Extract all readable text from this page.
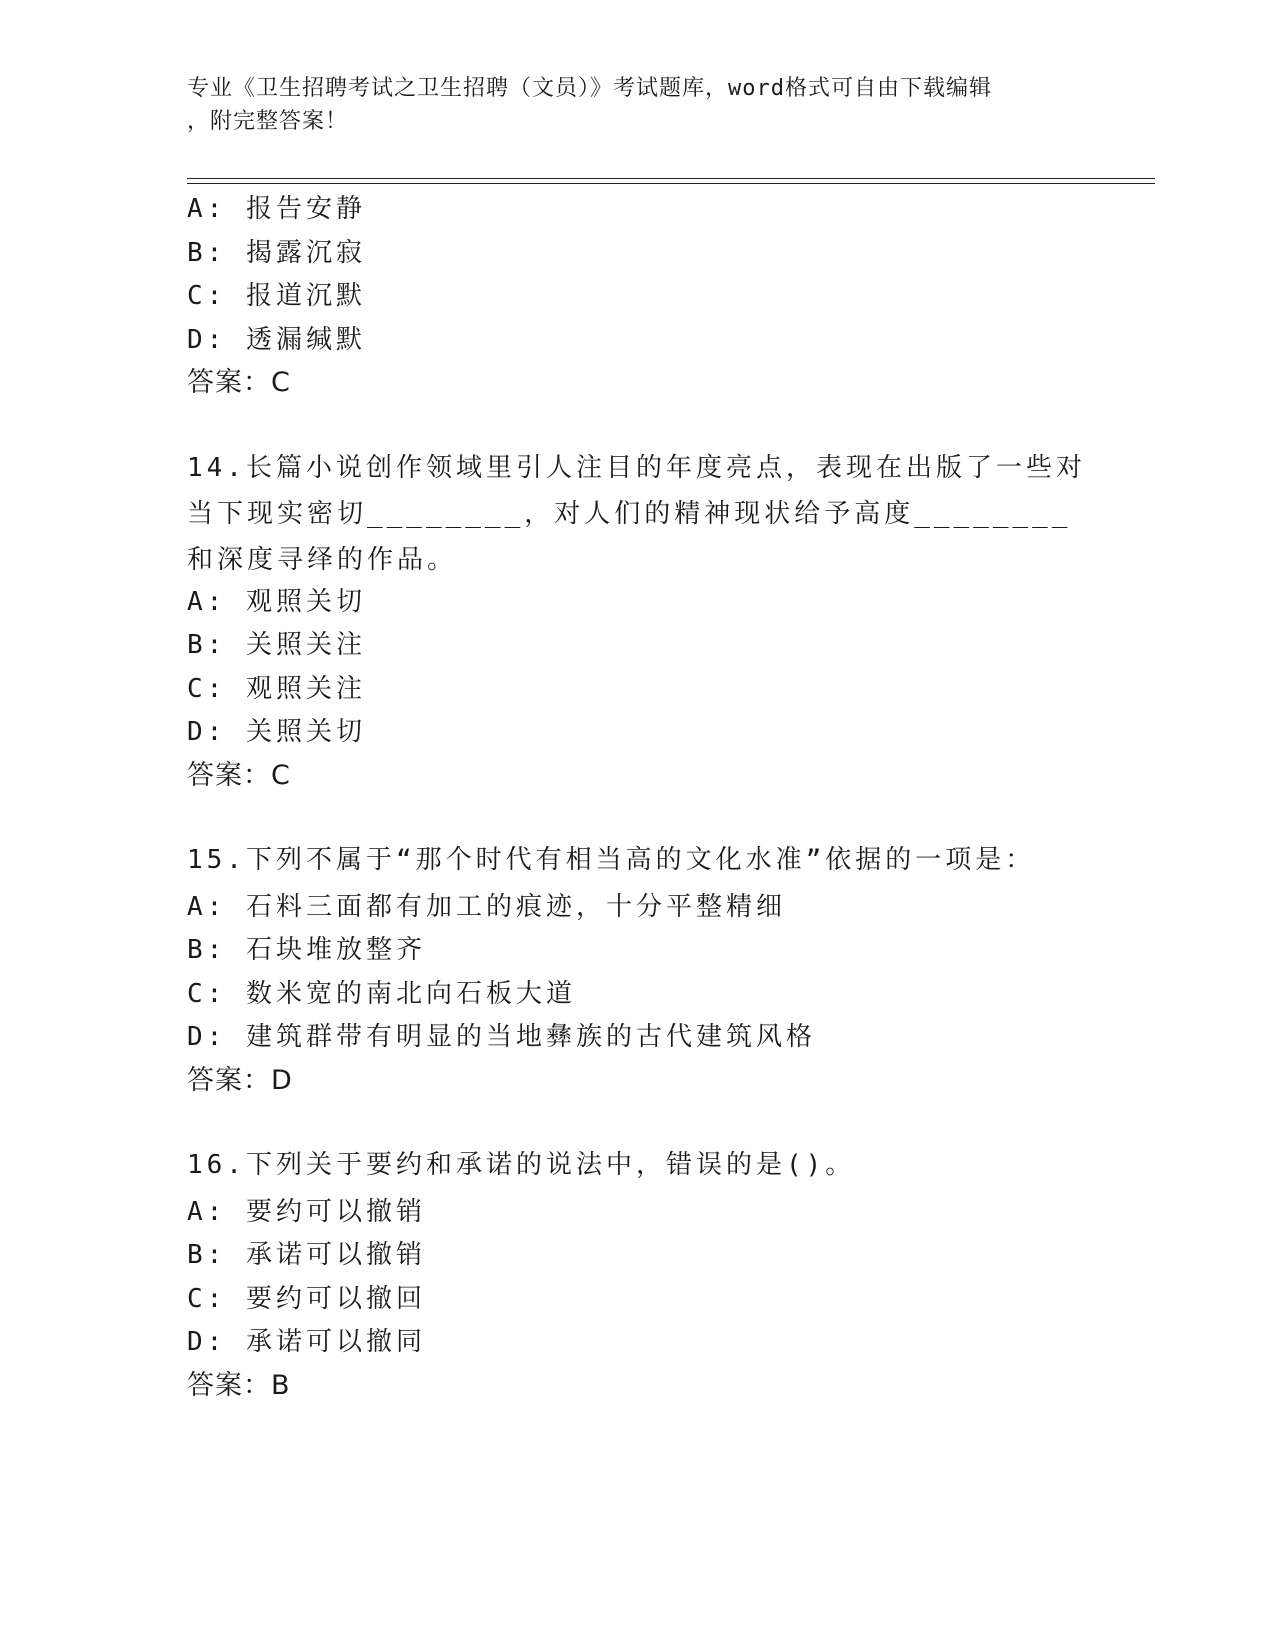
专业《卫生招聘考试之卫生招聘（文员）》考试题库，word格式可自由下载编辑
，附完整答案！
A: 报告安静
B: 揭露沉寂
C: 报道沉默
D: 透漏缄默
答案：C
14.长篇小说创作领域里引人注目的年度亮点，表现在出版了一些对当下现实密切________，对人们的精神现状给予高度________和深度寻绎的作品。
A: 观照关切
B: 关照关注
C: 观照关注
D: 关照关切
答案：C
15.下列不属于“那个时代有相当高的文化水准”依据的一项是：
A: 石料三面都有加工的痕迹，十分平整精细
B: 石块堆放整齐
C: 数米宽的南北向石板大道
D: 建筑群带有明显的当地彝族的古代建筑风格
答案：D
16.下列关于要约和承诺的说法中，错误的是()。
A: 要约可以撤销
B: 承诺可以撤销
C: 要约可以撤回
D: 承诺可以撤同
答案：B
